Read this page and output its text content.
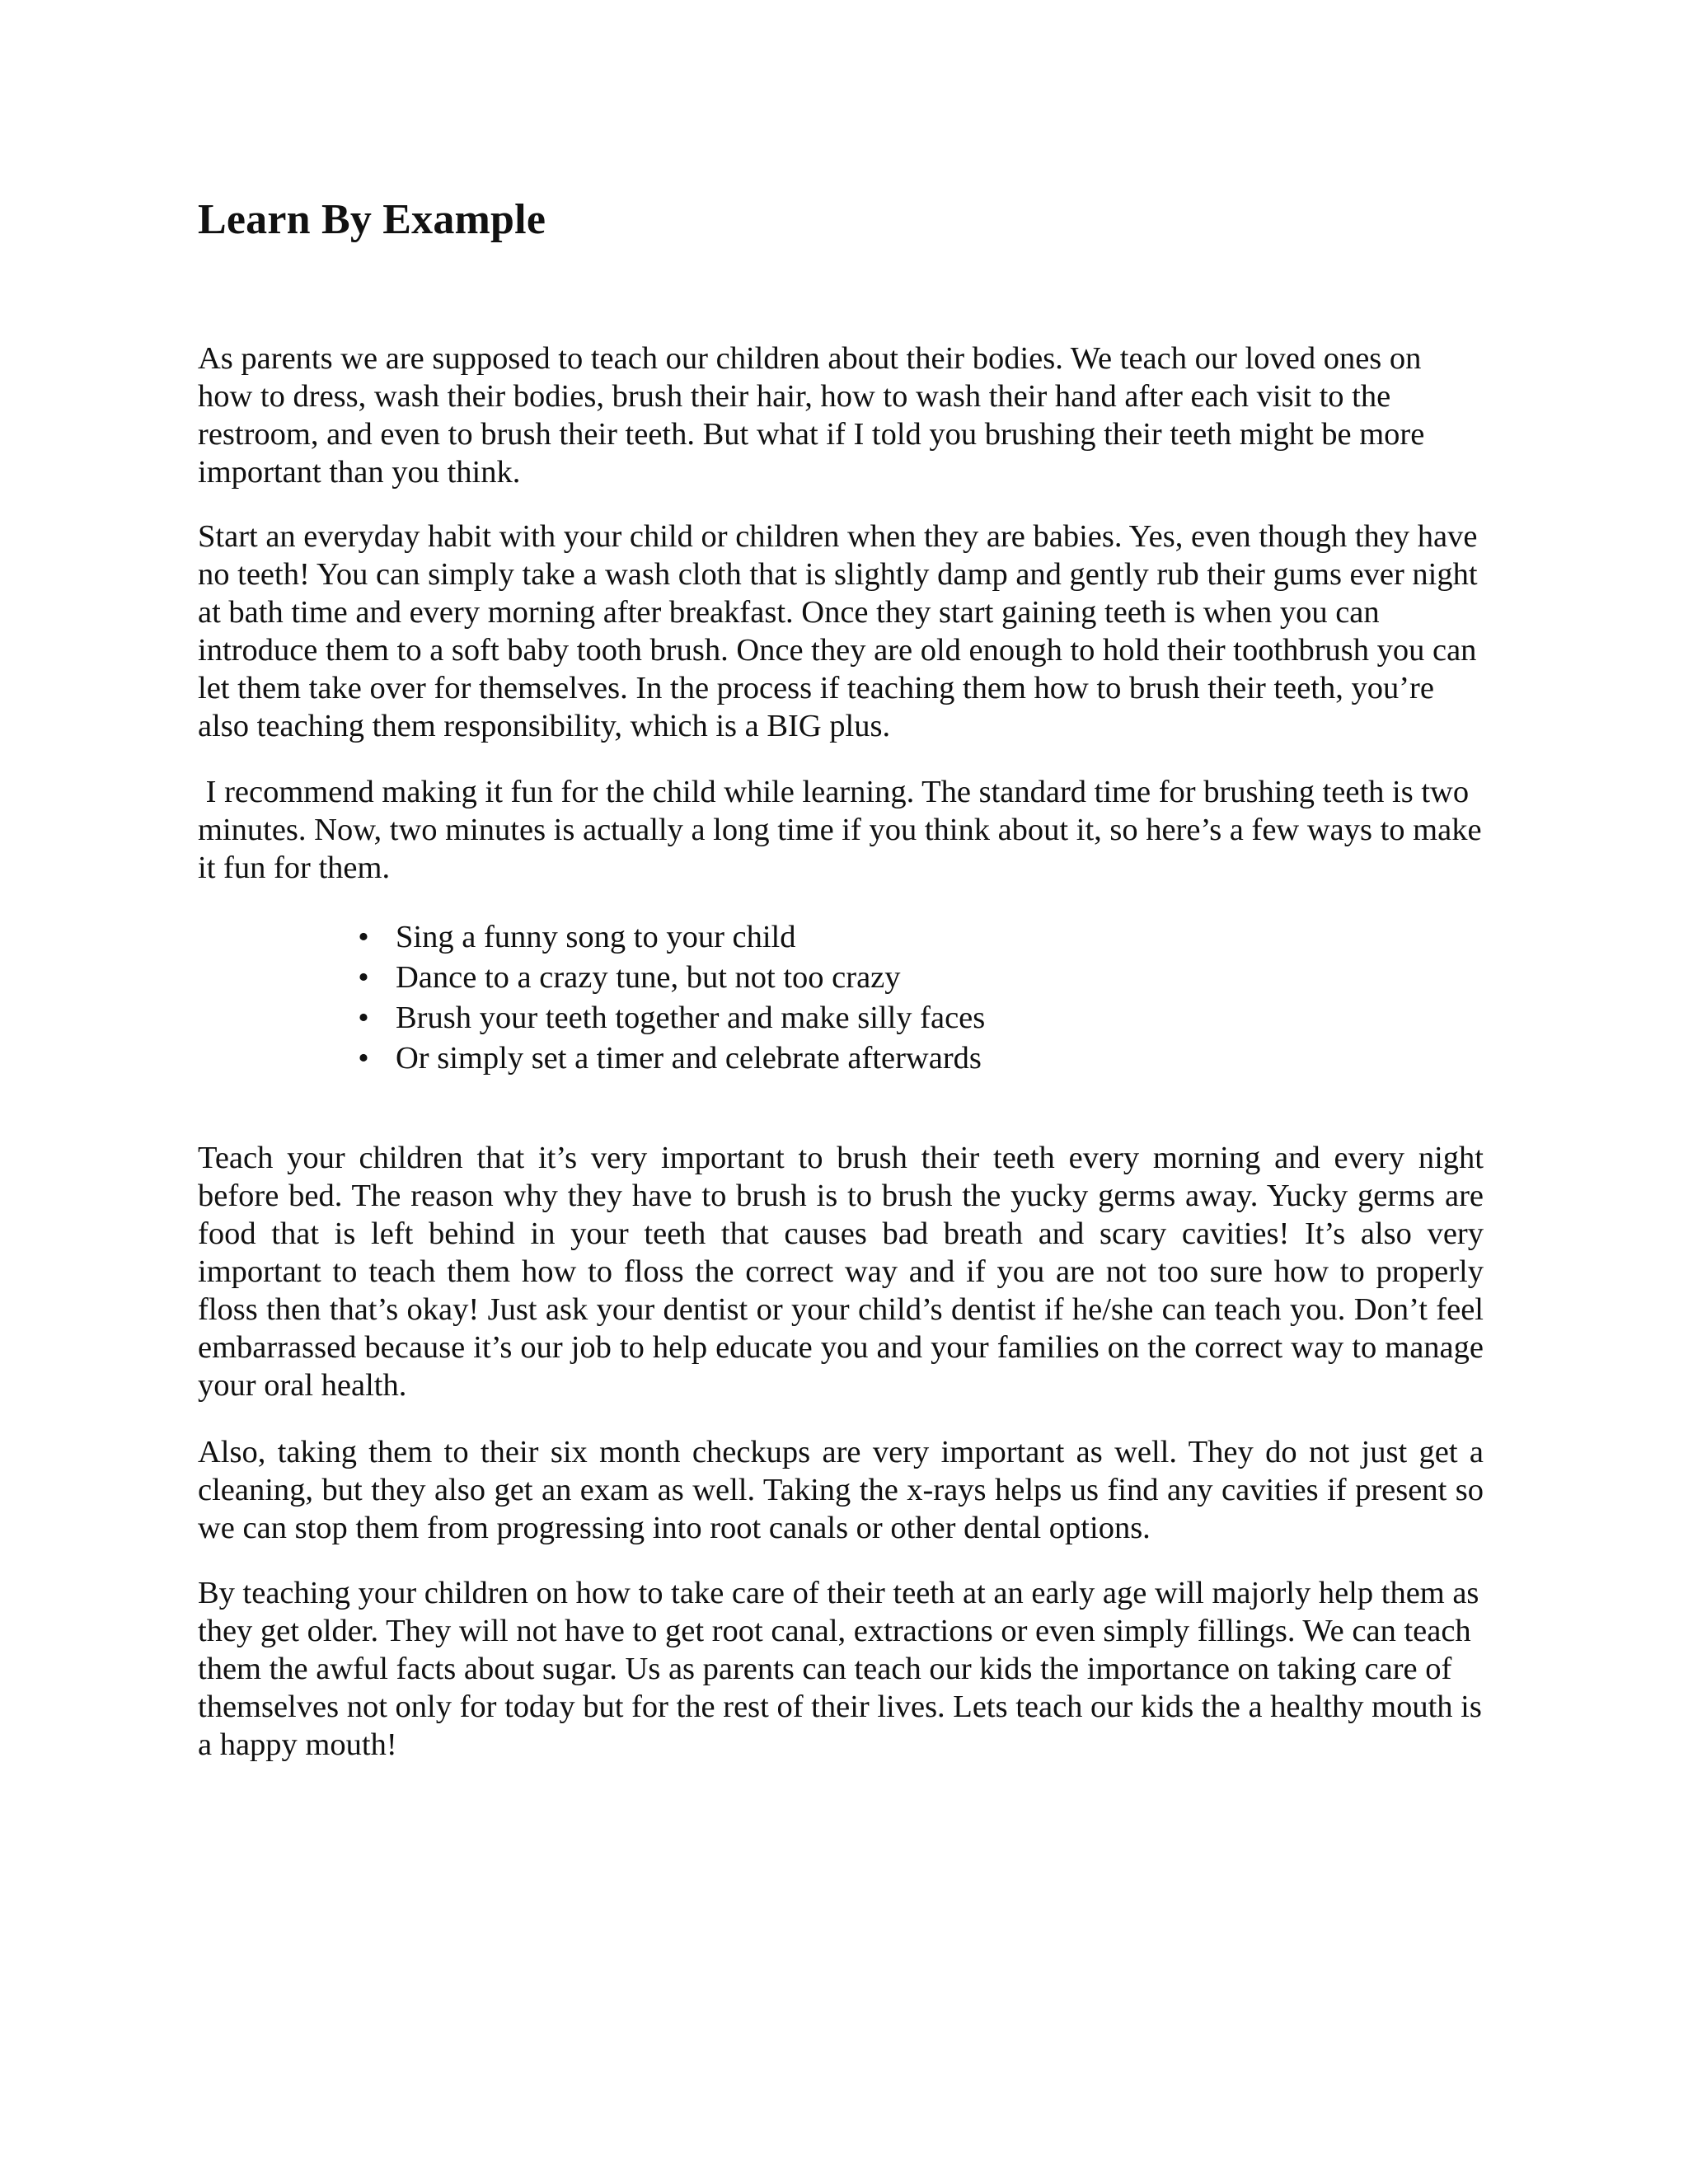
Learn By Example

As parents we are supposed to teach our children about their bodies. We teach our loved ones on how to dress, wash their bodies, brush their hair, how to wash their hand after each visit to the restroom, and even to brush their teeth. But what if I told you brushing their teeth might be more important than you think.

Start an everyday habit with your child or children when they are babies. Yes, even though they have no teeth! You can simply take a wash cloth that is slightly damp and gently rub their gums ever night at bath time and every morning after breakfast. Once they start gaining teeth is when you can introduce them to a soft baby tooth brush. Once they are old enough to hold their toothbrush you can let them take over for themselves. In the process if teaching them how to brush their teeth, you’re also teaching them responsibility, which is a BIG plus.

I recommend making it fun for the child while learning. The standard time for brushing teeth is two minutes. Now, two minutes is actually a long time if you think about it, so here’s a few ways to make it fun for them.

• Sing a funny song to your child
• Dance to a crazy tune, but not too crazy
• Brush your teeth together and make silly faces
• Or simply set a timer and celebrate afterwards

Teach your children that it’s very important to brush their teeth every morning and every night before bed. The reason why they have to brush is to brush the yucky germs away. Yucky germs are food that is left behind in your teeth that causes bad breath and scary cavities! It’s also very important to teach them how to floss the correct way and if you are not too sure how to properly floss then that’s okay! Just ask your dentist or your child’s dentist if he/she can teach you. Don’t feel embarrassed because it’s our job to help educate you and your families on the correct way to manage your oral health.

Also, taking them to their six month checkups are very important as well. They do not just get a cleaning, but they also get an exam as well. Taking the x-rays helps us find any cavities if present so we can stop them from progressing into root canals or other dental options.

By teaching your children on how to take care of their teeth at an early age will majorly help them as they get older. They will not have to get root canal, extractions or even simply fillings. We can teach them the awful facts about sugar. Us as parents can teach our kids the importance on taking care of themselves not only for today but for the rest of their lives. Lets teach our kids the a healthy mouth is a happy mouth!
